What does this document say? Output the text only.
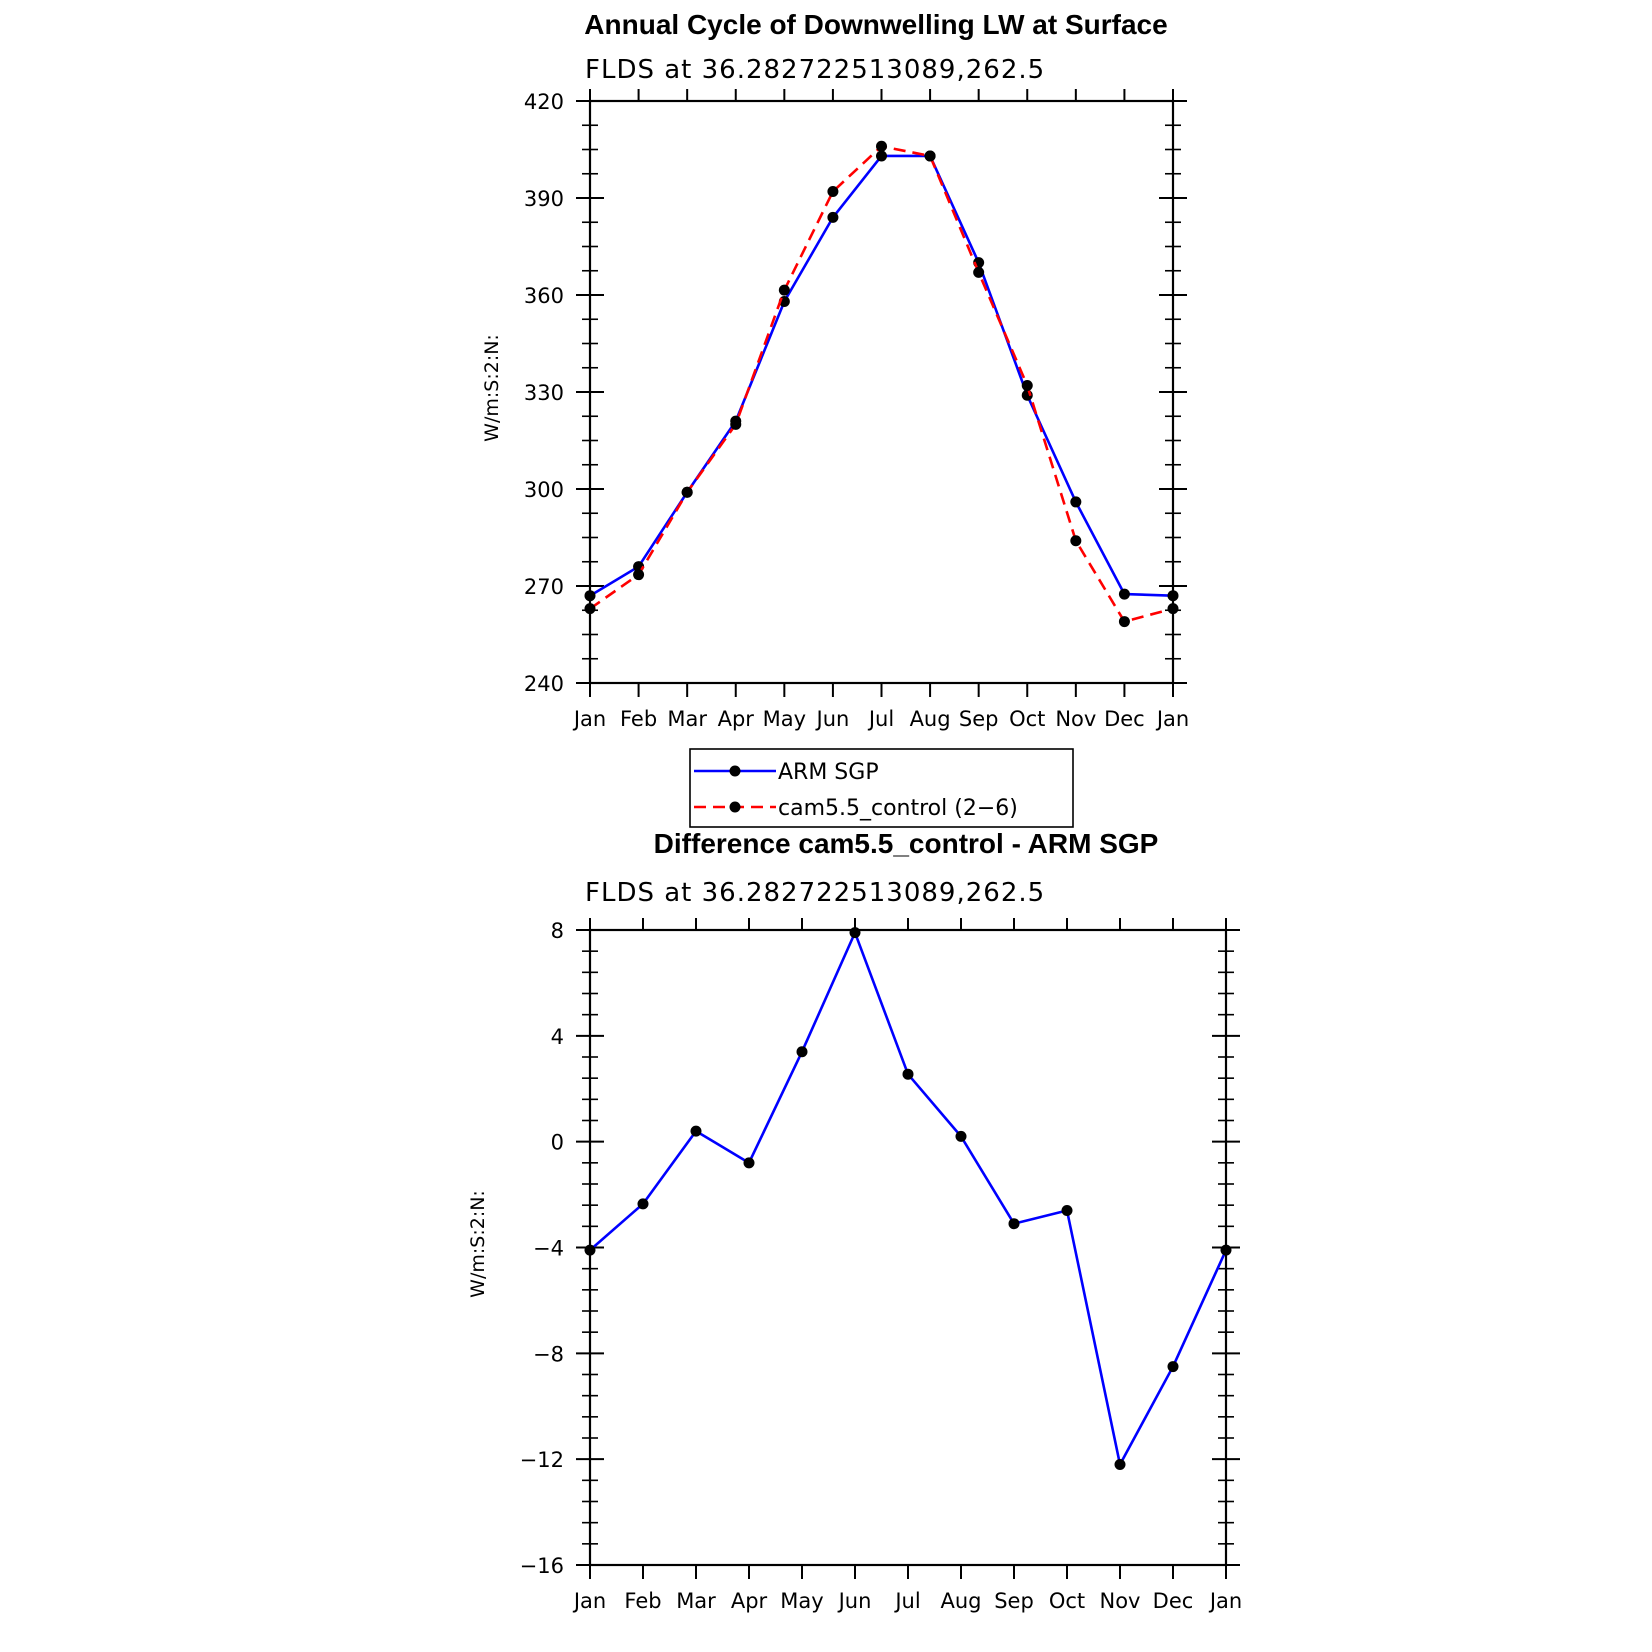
Annual Cycle of Downwelling LW at Surface
FLDS at 36.282722513089,262.5
W/m:S:2:N:
Jan Feb Mar Apr May Jun Jul Aug Sep Oct Nov Dec Jan
240
270
300
330
360
390
420
ARM SGP
cam5.5_control (2−6)
Difference cam5.5_control - ARM SGP
FLDS at 36.282722513089,262.5
W/m:S:2:N:
Jan Feb Mar Apr May Jun Jul Aug Sep Oct Nov Dec Jan
−16
−12
−8
−4
0
4
8
